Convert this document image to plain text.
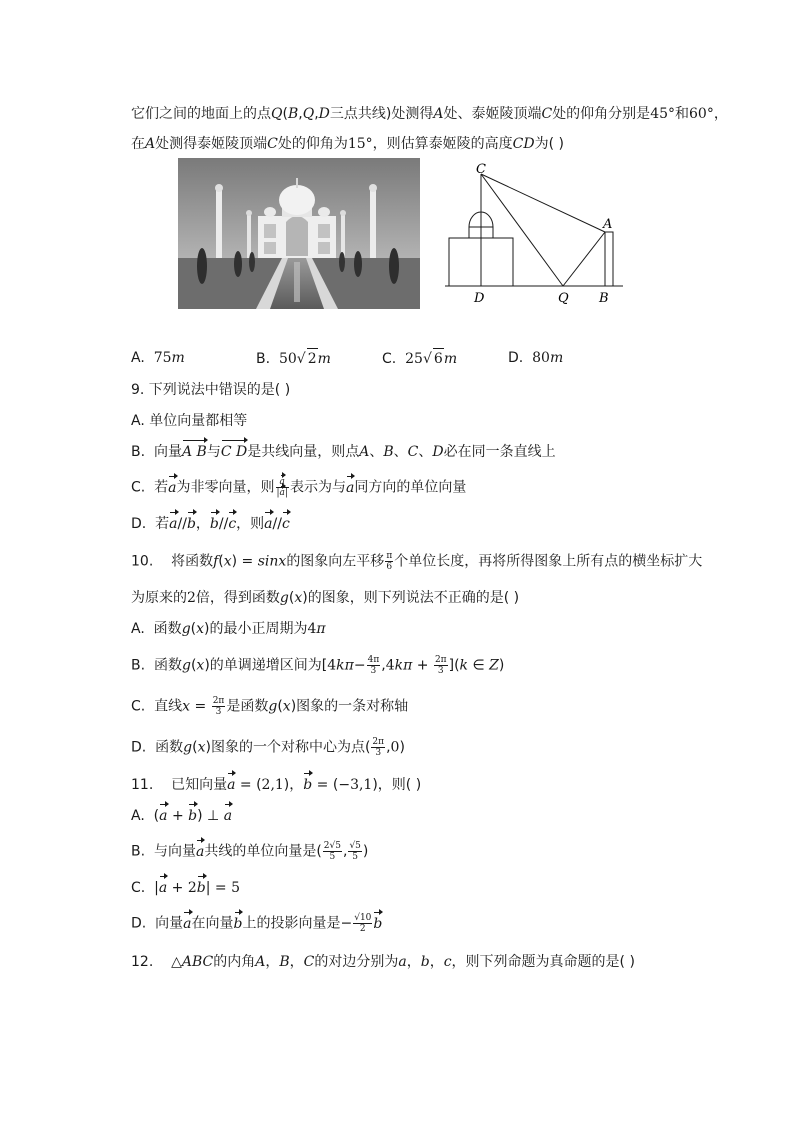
它们之间的地面上的点Q(B,Q,D三点共线)处测得A处、泰姬陵顶端C处的仰角分别是45°和60°，
在A处测得泰姬陵顶端C处的仰角为15°，则估算泰姬陵的高度CD为( )
C
A
D	Q B
A.  75m	B.  50√ 2m	C.  25√ 6m	D.  80m
9. 下列说法中错误的是( )
A. 单位向量都相等
B.  向量A B与C D是共线向量，则点A、B、C、D必在同一条直线上
C.  若a为非零向量，则 $\frac{a}{|a|}$ 表示为与a同方向的单位向量
D.  若a//b，b//c，则a//c
10.    将函数f(x) = sinx的图象向左平移 $\frac{\pi}{6}$ 个单位长度，再将所得图象上所有点的横坐标扩大
为原来的2倍，得到函数g(x)的图象，则下列说法不正确的是( )
A.  函数g(x)的最小正周期为4π
B.  函数g(x)的单调递增区间为$[4k\pi- \frac{4\pi}{3} ,4k\pi + \frac{2\pi}{3} ](k$ ∈ Z)
C.  直线$x = \frac{2\pi}{3}$ 是函数g(x)图象的一条对称轴
D.  函数g(x)图象的一个对称中心为点( $\frac{2\pi}{3} ,0$)
11.    已知向量a = (2,1)，b = (−3,1)，则( )
A.  (a + b) ⊥ a
B.  与向量a共线的单位向量是( $\frac{2√5}{5}$ , $\frac{√5}{5}$ )
C.  |a + 2b| = 5
D.  向量a在向量b上的投影向量是− $\frac{√10}{2}$ b
12.    △ABC的内角A，B，C的对边分别为a，b，c，则下列命题为真命题的是( )
